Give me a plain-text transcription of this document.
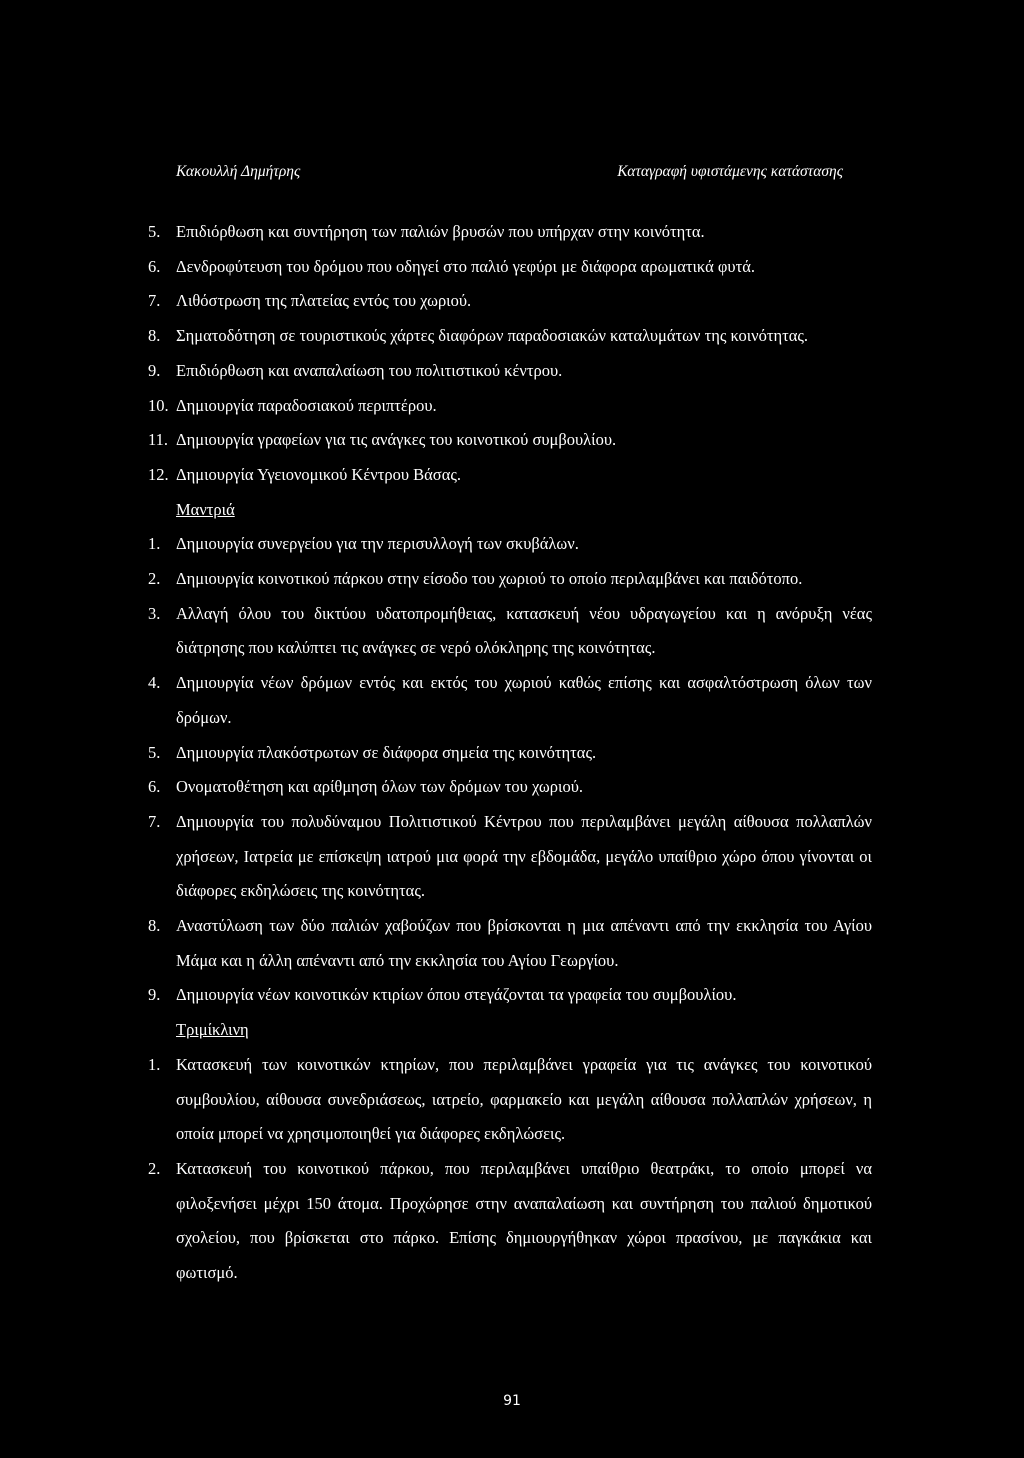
Κακουλλή Δημήτρης	Καταγραφή υφιστάμενης κατάστασης
5. Επιδιόρθωση και συντήρηση των παλιών βρυσών που υπήρχαν στην κοινότητα.
6. Δενδροφύτευση του δρόμου που οδηγεί στο παλιό γεφύρι με διάφορα αρωματικά φυτά.
7. Λιθόστρωση της πλατείας εντός του χωριού.
8. Σηματοδότηση σε τουριστικούς χάρτες διαφόρων παραδοσιακών καταλυμάτων της κοινότητας.
9. Επιδιόρθωση και αναπαλαίωση του πολιτιστικού κέντρου.
10. Δημιουργία παραδοσιακού περιπτέρου.
11. Δημιουργία γραφείων για τις ανάγκες του κοινοτικού συμβουλίου.
12. Δημιουργία Υγειονομικού Κέντρου Βάσας.
Μαντριά
1. Δημιουργία συνεργείου για την περισυλλογή των σκυβάλων.
2. Δημιουργία κοινοτικού πάρκου στην είσοδο του χωριού το οποίο περιλαμβάνει και παιδότοπο.
3. Αλλαγή όλου του δικτύου υδατοπρομήθειας, κατασκευή νέου υδραγωγείου και η ανόρυξη νέας διάτρησης που καλύπτει τις ανάγκες σε νερό ολόκληρης της κοινότητας.
4. Δημιουργία νέων δρόμων εντός και εκτός του χωριού καθώς επίσης και ασφαλτόστρωση όλων των δρόμων.
5. Δημιουργία πλακόστρωτων σε διάφορα σημεία της κοινότητας.
6. Ονοματοθέτηση και αρίθμηση όλων των δρόμων του χωριού.
7. Δημιουργία του πολυδύναμου Πολιτιστικού Κέντρου που περιλαμβάνει μεγάλη αίθουσα πολλαπλών χρήσεων, Ιατρεία με επίσκεψη ιατρού μια φορά την εβδομάδα, μεγάλο υπαίθριο χώρο όπου γίνονται οι διάφορες εκδηλώσεις της κοινότητας.
8. Αναστύλωση των δύο παλιών χαβούζων που βρίσκονται η μια απέναντι από την εκκλησία του Αγίου Μάμα και η άλλη απέναντι από την εκκλησία του Αγίου Γεωργίου.
9. Δημιουργία νέων κοινοτικών κτιρίων όπου στεγάζονται τα γραφεία του συμβουλίου.
Τριμίκλινη
1. Κατασκευή των κοινοτικών κτηρίων, που περιλαμβάνει γραφεία για τις ανάγκες του κοινοτικού συμβουλίου, αίθουσα συνεδριάσεως, ιατρείο, φαρμακείο και μεγάλη αίθουσα πολλαπλών χρήσεων, η οποία μπορεί να χρησιμοποιηθεί για διάφορες εκδηλώσεις.
2. Κατασκευή του κοινοτικού πάρκου, που περιλαμβάνει υπαίθριο θεατράκι, το οποίο μπορεί να φιλοξενήσει μέχρι 150 άτομα. Προχώρησε στην αναπαλαίωση και συντήρηση του παλιού δημοτικού σχολείου, που βρίσκεται στο πάρκο. Επίσης δημιουργήθηκαν χώροι πρασίνου, με παγκάκια και φωτισμό.
91
